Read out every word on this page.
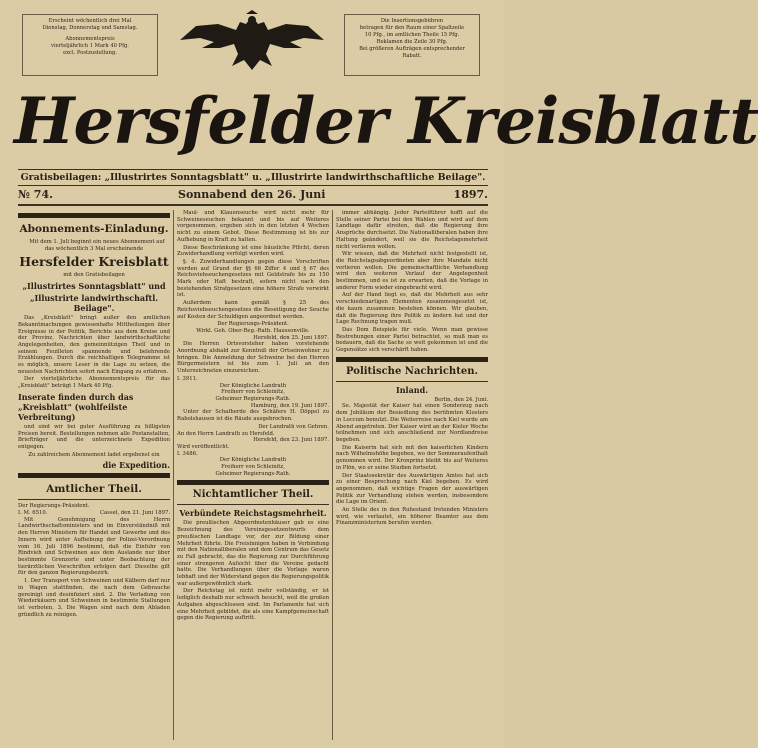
Erscheint wöchentlich drei Mal
Dienstag, Donnerstag und Samstag.
Abonnementspreis
vierteljährlich 1 Mark 40 Pfg.
excl. Postzustellung.
Die Insertionsgebühren
betragen für den Raum einer Spaltzeile
10 Pfg., im amtlichen Theile 15 Pfg.
Reklamen die Zeile 30 Pfg.
Bei größeren Aufträgen entsprechender
Rabatt.
Hersfelder Kreisblatt
Gratisbeilagen: „Illustrirtes Sonntagsblatt" u. „Illustrirte landwirthschaftliche Beilage".
№ 74.	Sonnabend den 26. Juni	1897.
Abonnements-Einladung.
Mit dem 1. Juli beginnt ein neues Abonnement auf das wöchentlich 3 Mal erscheinende
Hersfelder Kreisblatt
mit den Gratisbeilagen
„Illustrirtes Sonntagsblatt" und
„Illustrirte landwirthschaftl. Beilage".
Das „Kreisblatt" bringt außer den amtlichen Bekanntmachungen gewissenhafte Mittheilungen über Ereignisse in der Politik, Berichte aus dem Kreise und der Provinz, Nachrichten über landwirthschaftliche Angelegenheiten, den gemeinnützigen Theil und in seinem Feuilleton spannende und belehrende Erzählungen. Durch die reichhaltigen Telegramme ist es möglich, unsere Leser in die Lage zu setzen, die neuesten Nachrichten sofort nach Eingang zu erfahren.
Der vierteljährliche Abonnementspreis für das „Kreisblatt" beträgt 1 Mark 40 Pfg.
Inserate finden durch das „Kreisblatt" (wohlfeilste Verbreitung)
und sind wir bei guter Ausführung zu billigsten Preisen bereit. Bestellungen nehmen alle Postanstalten, Briefträger und die unterzeichnete Expedition entgegen.
Zu zahlreichem Abonnement ladet ergebenst ein
die Expedition.
Amtlicher Theil.
Der Regierungs-Präsident.
I. M. 6510.	Cassel, den 21. Juni 1897.
Mit Genehmigung des Herrn Landwirthschaftsministers und im Einverständniß mit den Herren Ministern für Handel und Gewerbe und des Innern wird unter Aufhebung der Polizei-Verordnung vom 16. Juli 1896 bestimmt, daß die Einfuhr von Rindvieh und Schweinen aus dem Auslande nur über bestimmte Grenzorte und unter Beobachtung der tierärztlichen Vorschriften erfolgen darf. Dieselbe gilt für den ganzen Regierungsbezirk.
1. Der Transport von Schweinen und Kälbern darf nur in Wagen stattfinden, die nach dem Gebrauche gereinigt und desinfiziert sind. 2. Die Verladung von Wiederkäuern und Schweinen in bestimmte Stallungen ist verboten. 3. Die Wagen sind nach dem Abladen gründlich zu reinigen.
Maul- und Klauenseuche wird nicht mehr für Schweineseuchen bekannt und bis auf Weiteres vorgenommen, ergeben sich in den letzten 4 Wochen nicht zu einem Gebot. Diese Bestimmung ist bis zur Aufhebung in Kraft zu halten.
Diese Beschränkung ist eine häusliche Pflicht, deren Zuwiderhandlung verfolgt werden wird.
§. 4. Zuwiderhandlungen gegen diese Vorschriften werden auf Grund der §§ 66 Ziffer 4 und § 67 des Reichsviehseuchengesetzes mit Geldstrafe bis zu 150 Mark oder Haft bestraft, sofern nicht nach den bestehenden Strafgesetzen eine höhere Strafe verwirkt ist.
Außerdem kann gemäß § 25 des Reichsviehseuchengesetzes die Beseitigung der Seuche auf Kosten der Schuldigen angeordnet werden.
Der Regierungs-Präsident.
Wirkl. Geh. Ober-Reg.-Rath. Haussonville.
Hersfeld, den 25. Juni 1897.
Die Herren Ortsvorsteher haben vorstehende Anordnung alsbald zur Kenntniß der Ortseinwohner zu bringen. Die Anmeldung der Schweine bei den Herren Bürgermeistern ist bis zum 1. Juli an den Unterzeichneten einzureichen.
I. 3911.
Der Königliche Landrath
Freiherr von Schleinitz,
Geheimer Regierungs-Rath.
Hamburg, den 19. Juni 1897.
Unter der Schafherde des Schäfers H. Döppel zu Rabolshausen ist die Räude ausgebrochen.
Der Landrath von Gehren.
An den Herrn Landrath zu Hersfeld.
Hersfeld, den 23. Juni 1897.
Wird veröffentlicht.
I. 3486.
Der Königliche Landrath
Freiherr von Schleinitz,
Geheimer Regierungs-Rath.
Nichtamtlicher Theil.
Verbündete Reichstagsmehrheit.
Die preußischen Abgeordnetenhäuser gab es eine Bezeichnung des Vereinsgesetzentwurfs dem preußischen Landtage vor, der zur Bildung einer Mehrheit führte. Die Freisinnigen haben in Verbindung mit den Nationalliberalen und dem Centrum das Gesetz zu Fall gebracht, das die Regierung zur Durchführung einer strengeren Aufsicht über die Vereine gedacht hatte. Die Verhandlungen über die Vorlage waren lebhaft und der Widerstand gegen die Regierungspolitik war außergewöhnlich stark.
Der Reichstag ist nicht mehr vollständig, er ist lediglich deshalb nur schwach besucht, weil die großen Aufgaben abgeschlossen sind. Im Parlamente hat sich eine Mehrheit gebildet, die als eine Kampfgemeinschaft gegen die Regierung auftritt.
immer abhängig. Jeder Parteiführer hofft auf die Stelle seiner Partei bei den Wahlen und wird auf dem Landtage dafür streiten, daß die Regierung ihre Ansprüche durchsetzt. Die Nationalliberalen haben ihre Haltung geändert, weil sie die Reichstagsmehrheit nicht verlieren wollen.
Wir wissen, daß die Mehrheit nicht festgestellt ist, die Reichstagsabgeordneten aber ihre Mandate nicht verlieren wollen. Die gemeinschaftliche Verhandlung wird den weiteren Verlauf der Angelegenheit bestimmen, und es ist zu erwarten, daß die Vorlage in anderer Form wieder eingebracht wird.
Auf der Hand liegt es, daß die Mehrheit aus sehr verschiedenartigen Elementen zusammengesetzt ist, die kaum zusammen bestehen können. Wir glauben, daß die Regierung ihre Politik zu ändern hat und der Lage Rechnung tragen muß.
Das Dom Beispiele für viele. Wenn man gewisse Bestrebungen einer Partei betrachtet, so muß man es bedauern, daß die Sache so weit gekommen ist und die Gegensätze sich verschärft haben.
Politische Nachrichten.
Inland.
Berlin, den 24. Juni.
Se. Majestät der Kaiser hat einen Sonderzug nach dem Jubiläum der Besiedlung des berühmten Klosters in Loccum benutzt. Die Weiterreise nach Kiel wurde am Abend angetreten. Der Kaiser wird an der Kieler Woche teilnehmen und sich anschließend zur Nordlandreise begeben.
Die Kaiserin hat sich mit den kaiserlichen Kindern nach Wilhelmshöhe begeben, wo der Sommeraufenthalt genommen wird. Der Kronprinz bleibt bis auf Weiteres in Plön, wo er seine Studien fortsetzt.
Der Staatssekretär des Auswärtigen Amtes hat sich zu einer Besprechung nach Kiel begeben. Es wird angenommen, daß wichtige Fragen der auswärtigen Politik zur Verhandlung stehen werden, insbesondere die Lage im Orient.
An Stelle des in den Ruhestand tretenden Ministers wird, wie verlautet, ein höherer Beamter aus dem Finanzministerium berufen werden.
